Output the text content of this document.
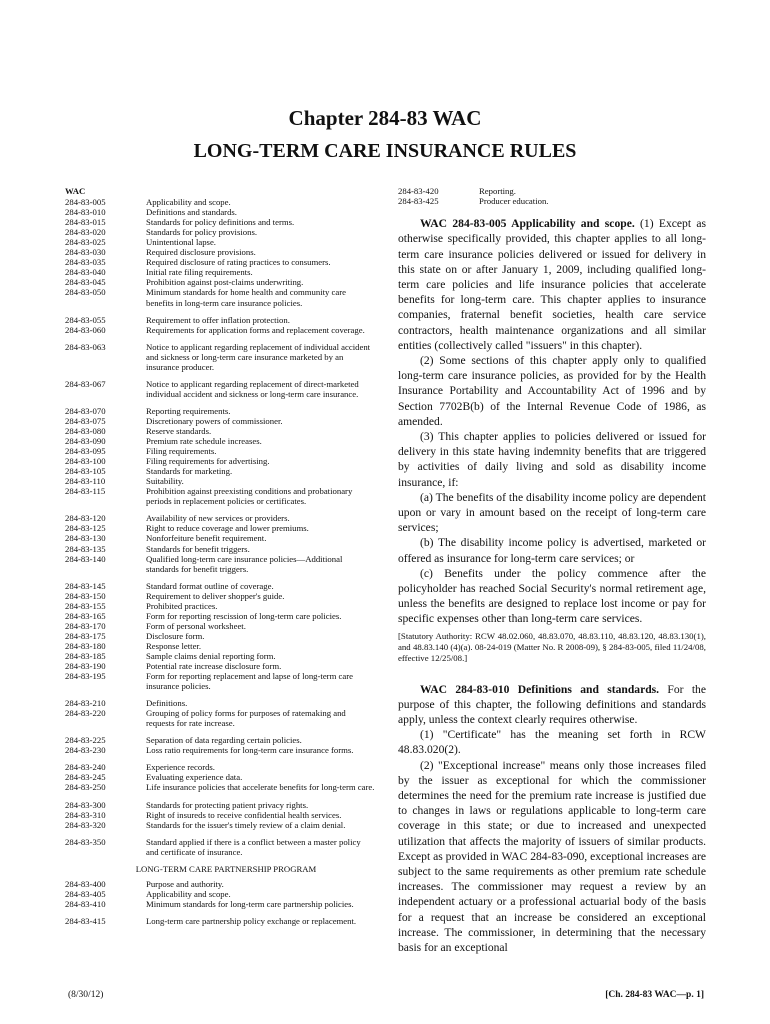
Chapter 284-83 WAC
LONG-TERM CARE INSURANCE RULES
WAC
284-83-005	Applicability and scope.
284-83-010	Definitions and standards.
284-83-015	Standards for policy definitions and terms.
284-83-020	Standards for policy provisions.
284-83-025	Unintentional lapse.
284-83-030	Required disclosure provisions.
284-83-035	Required disclosure of rating practices to consumers.
284-83-040	Initial rate filing requirements.
284-83-045	Prohibition against post-claims underwriting.
284-83-050	Minimum standards for home health and community care benefits in long-term care insurance policies.
284-83-055	Requirement to offer inflation protection.
284-83-060	Requirements for application forms and replacement coverage.
284-83-063	Notice to applicant regarding replacement of individual accident and sickness or long-term care insurance marketed by an insurance producer.
284-83-067	Notice to applicant regarding replacement of direct-marketed individual accident and sickness or long-term care insurance.
284-83-070	Reporting requirements.
284-83-075	Discretionary powers of commissioner.
284-83-080	Reserve standards.
284-83-090	Premium rate schedule increases.
284-83-095	Filing requirements.
284-83-100	Filing requirements for advertising.
284-83-105	Standards for marketing.
284-83-110	Suitability.
284-83-115	Prohibition against preexisting conditions and probationary periods in replacement policies or certificates.
284-83-120	Availability of new services or providers.
284-83-125	Right to reduce coverage and lower premiums.
284-83-130	Nonforfeiture benefit requirement.
284-83-135	Standards for benefit triggers.
284-83-140	Qualified long-term care insurance policies—Additional standards for benefit triggers.
284-83-145	Standard format outline of coverage.
284-83-150	Requirement to deliver shopper's guide.
284-83-155	Prohibited practices.
284-83-165	Form for reporting rescission of long-term care policies.
284-83-170	Form of personal worksheet.
284-83-175	Disclosure form.
284-83-180	Response letter.
284-83-185	Sample claims denial reporting form.
284-83-190	Potential rate increase disclosure form.
284-83-195	Form for reporting replacement and lapse of long-term care insurance policies.
284-83-210	Definitions.
284-83-220	Grouping of policy forms for purposes of ratemaking and requests for rate increase.
284-83-225	Separation of data regarding certain policies.
284-83-230	Loss ratio requirements for long-term care insurance forms.
284-83-240	Experience records.
284-83-245	Evaluating experience data.
284-83-250	Life insurance policies that accelerate benefits for long-term care.
284-83-300	Standards for protecting patient privacy rights.
284-83-310	Right of insureds to receive confidential health services.
284-83-320	Standards for the issuer's timely review of a claim denial.
284-83-350	Standard applied if there is a conflict between a master policy and certificate of insurance.
LONG-TERM CARE PARTNERSHIP PROGRAM
284-83-400	Purpose and authority.
284-83-405	Applicability and scope.
284-83-410	Minimum standards for long-term care partnership policies.
284-83-415	Long-term care partnership policy exchange or replacement.
284-83-420	Reporting.
284-83-425	Producer education.

WAC 284-83-005 Applicability and scope. (1) Except as otherwise specifically provided, this chapter applies to all long-term care insurance policies delivered or issued for delivery in this state on or after January 1, 2009, including qualified long-term care policies and life insurance policies that accelerate benefits for long-term care. This chapter applies to insurance companies, fraternal benefit societies, health care service contractors, health maintenance organizations and all similar entities (collectively called "issuers" in this chapter).

(2) Some sections of this chapter apply only to qualified long-term care insurance policies, as provided for by the Health Insurance Portability and Accountability Act of 1996 and by Section 7702B(b) of the Internal Revenue Code of 1986, as amended.

(3) This chapter applies to policies delivered or issued for delivery in this state having indemnity benefits that are triggered by activities of daily living and sold as disability income insurance, if:

(a) The benefits of the disability income policy are dependent upon or vary in amount based on the receipt of long-term care services;

(b) The disability income policy is advertised, marketed or offered as insurance for long-term care services; or

(c) Benefits under the policy commence after the policyholder has reached Social Security's normal retirement age, unless the benefits are designed to replace lost income or pay for specific expenses other than long-term care services.

[Statutory Authority: RCW 48.02.060, 48.83.070, 48.83.110, 48.83.120, 48.83.130(1), and 48.83.140 (4)(a). 08-24-019 (Matter No. R 2008-09), § 284-83-005, filed 11/24/08, effective 12/25/08.]

WAC 284-83-010 Definitions and standards. For the purpose of this chapter, the following definitions and standards apply, unless the context clearly requires otherwise.

(1) "Certificate" has the meaning set forth in RCW 48.83.020(2).

(2) "Exceptional increase" means only those increases filed by the issuer as exceptional for which the commissioner determines the need for the premium rate increase is justified due to changes in laws or regulations applicable to long-term care coverage in this state; or due to increased and unexpected utilization that affects the majority of issuers of similar products. Except as provided in WAC 284-83-090, exceptional increases are subject to the same requirements as other premium rate schedule increases. The commissioner may request a review by an independent actuary or a professional actuarial body of the basis for a request that an increase be considered an exceptional increase. The commissioner, in determining that the necessary basis for an exceptional

(8/30/12)	[Ch. 284-83 WAC—p. 1]
